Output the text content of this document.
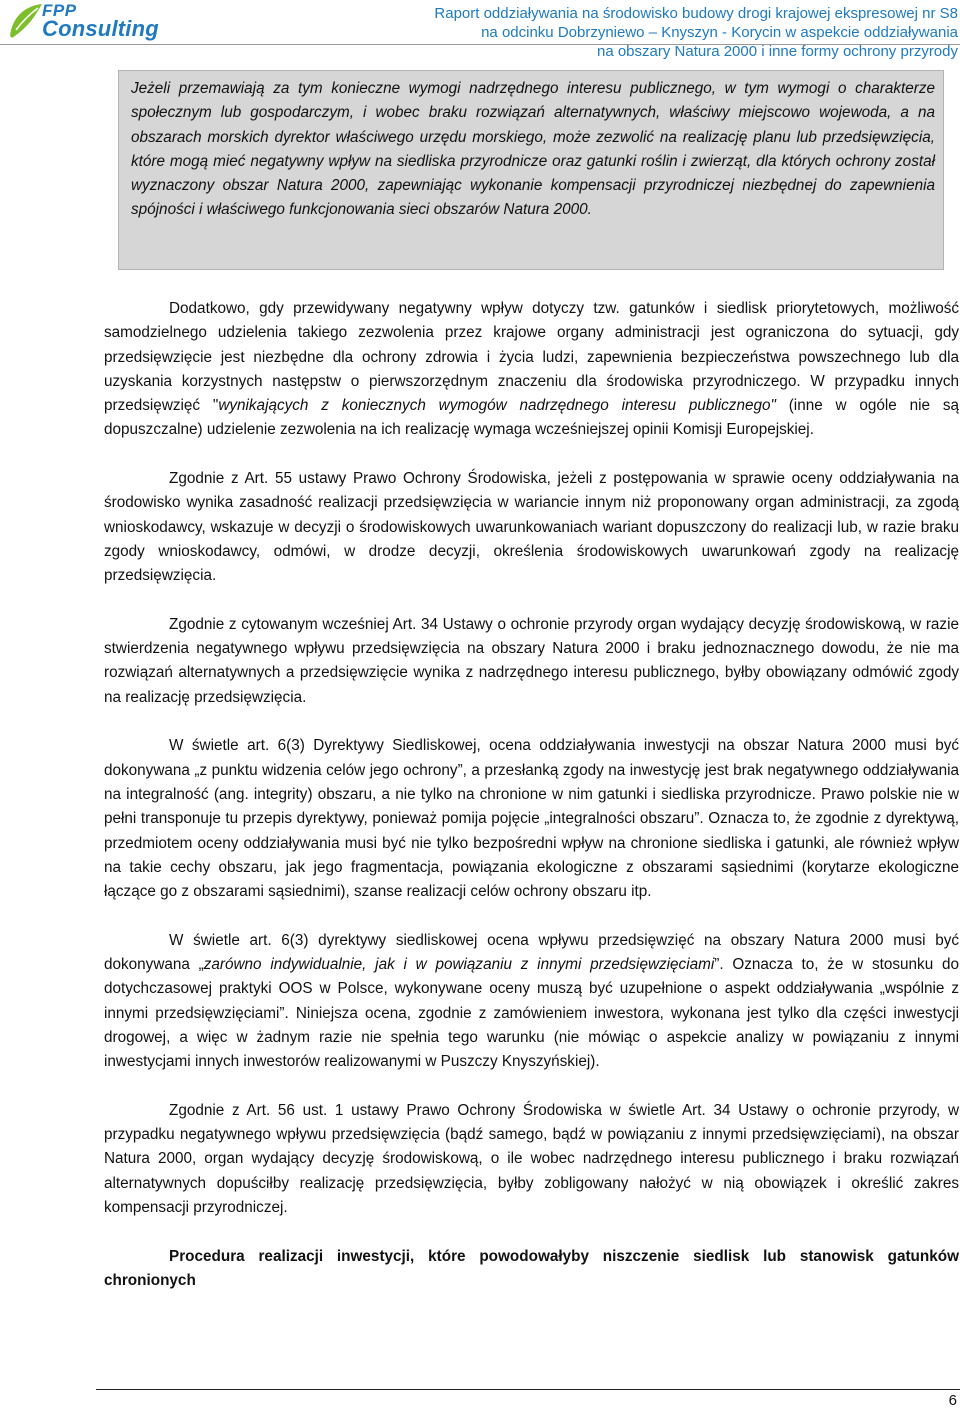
FPP
Consulting
Raport oddziaływania na środowisko budowy drogi krajowej ekspresowej nr S8
na odcinku Dobrzyniewo – Knyszyn - Korycin w aspekcie oddziaływania
na obszary Natura 2000 i inne formy ochrony przyrody
Jeżeli przemawiają za tym konieczne wymogi nadrzędnego interesu publicznego, w tym wymogi o charakterze społecznym lub gospodarczym, i wobec braku rozwiązań alternatywnych, właściwy miejscowo wojewoda, a na obszarach morskich dyrektor właściwego urzędu morskiego, może zezwolić na realizację planu lub przedsięwzięcia, które mogą mieć negatywny wpływ na siedliska przyrodnicze oraz gatunki roślin i zwierząt, dla których ochrony został wyznaczony obszar Natura 2000, zapewniając wykonanie kompensacji przyrodniczej niezbędnej do zapewnienia spójności i właściwego funkcjonowania sieci obszarów Natura 2000.

Dodatkowo, gdy przewidywany negatywny wpływ dotyczy tzw. gatunków i siedlisk priorytetowych, możliwość samodzielnego udzielenia takiego zezwolenia przez krajowe organy administracji jest ograniczona do sytuacji, gdy przedsięwzięcie jest niezbędne dla ochrony zdrowia i życia ludzi, zapewnienia bezpieczeństwa powszechnego lub dla uzyskania korzystnych następstw o pierwszorzędnym znaczeniu dla środowiska przyrodniczego. W przypadku innych przedsięwzięć "wynikających z koniecznych wymogów nadrzędnego interesu publicznego" (inne w ogóle nie są dopuszczalne) udzielenie zezwolenia na ich realizację wymaga wcześniejszej opinii Komisji Europejskiej.

Zgodnie z Art. 55 ustawy Prawo Ochrony Środowiska, jeżeli z postępowania w sprawie oceny oddziaływania na środowisko wynika zasadność realizacji przedsięwzięcia w wariancie innym niż proponowany organ administracji, za zgodą wnioskodawcy, wskazuje w decyzji o środowiskowych uwarunkowaniach wariant dopuszczony do realizacji lub, w razie braku zgody wnioskodawcy, odmówi, w drodze decyzji, określenia środowiskowych uwarunkowań zgody na realizację przedsięwzięcia.

Zgodnie z cytowanym wcześniej Art. 34 Ustawy o ochronie przyrody organ wydający decyzję środowiskową, w razie stwierdzenia negatywnego wpływu przedsięwzięcia na obszary Natura 2000 i braku jednoznacznego dowodu, że nie ma rozwiązań alternatywnych a przedsięwzięcie wynika z nadrzędnego interesu publicznego, byłby obowiązany odmówić zgody na realizację przedsięwzięcia.

W świetle art. 6(3) Dyrektywy Siedliskowej, ocena oddziaływania inwestycji na obszar Natura 2000 musi być dokonywana „z punktu widzenia celów jego ochrony”, a przesłanką zgody na inwestycję jest brak negatywnego oddziaływania na integralność (ang. integrity) obszaru, a nie tylko na chronione w nim gatunki i siedliska przyrodnicze. Prawo polskie nie w pełni transponuje tu przepis dyrektywy, ponieważ pomija pojęcie „integralności obszaru”. Oznacza to, że zgodnie z dyrektywą, przedmiotem oceny oddziaływania musi być nie tylko bezpośredni wpływ na chronione siedliska i gatunki, ale również wpływ na takie cechy obszaru, jak jego fragmentacja, powiązania ekologiczne z obszarami sąsiednimi (korytarze ekologiczne łączące go z obszarami sąsiednimi), szanse realizacji celów ochrony obszaru itp.

W świetle art. 6(3) dyrektywy siedliskowej ocena wpływu przedsięwzięć na obszary Natura 2000 musi być dokonywana „zarówno indywidualnie, jak i w powiązaniu z innymi przedsięwzięciami”. Oznacza to, że w stosunku do dotychczasowej praktyki OOS w Polsce, wykonywane oceny muszą być uzupełnione o aspekt oddziaływania „wspólnie z innymi przedsięwzięciami”. Niniejsza ocena, zgodnie z zamówieniem inwestora, wykonana jest tylko dla części inwestycji drogowej, a więc w żadnym razie nie spełnia tego warunku (nie mówiąc o aspekcie analizy w powiązaniu z innymi inwestycjami innych inwestorów realizowanymi w Puszczy Knyszyńskiej).

Zgodnie z Art. 56 ust. 1 ustawy Prawo Ochrony Środowiska w świetle Art. 34 Ustawy o ochronie przyrody, w przypadku negatywnego wpływu przedsięwzięcia (bądź samego, bądź w powiązaniu z innymi przedsięwzięciami), na obszar Natura 2000, organ wydający decyzję środowiskową, o ile wobec nadrzędnego interesu publicznego i braku rozwiązań alternatywnych dopuściłby realizację przedsięwzięcia, byłby zobligowany nałożyć w nią obowiązek i określić zakres kompensacji przyrodniczej.

Procedura realizacji inwestycji, które powodowałyby niszczenie siedlisk lub stanowisk gatunków chronionych
6
